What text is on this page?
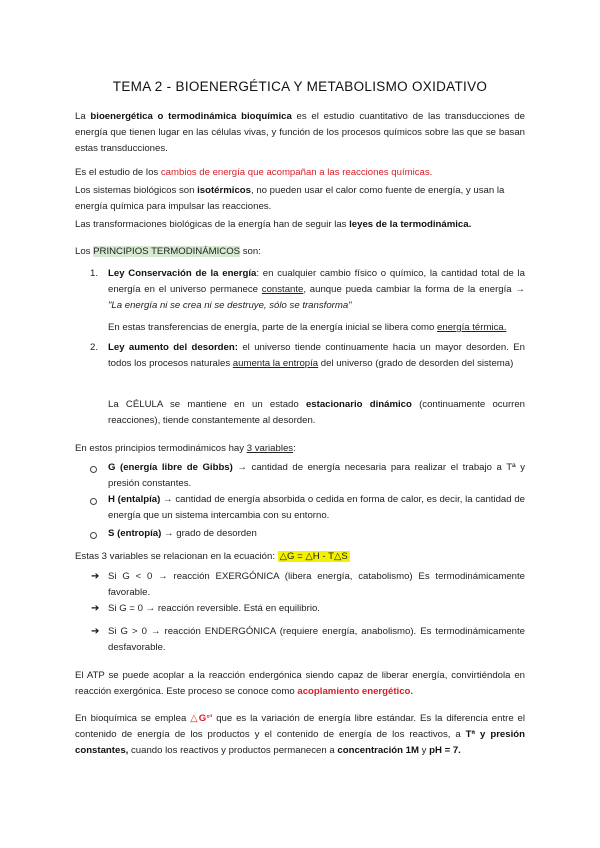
TEMA 2 - BIOENERGÉTICA Y METABOLISMO OXIDATIVO

La bioenergética o termodinámica bioquímica es el estudio cuantitativo de las transducciones de energía que tienen lugar en las células vivas, y función de los procesos químicos sobre las que se basan estas transducciones.

Es el estudio de los cambios de energía que acompañan a las reacciones químicas.

Los sistemas biológicos son isotérmicos, no pueden usar el calor como fuente de energía, y usan la energía química para impulsar las reacciones.

Las transformaciones biológicas de la energía han de seguir las leyes de la termodinámica.

Los PRINCIPIOS TERMODINÁMICOS son:

1. Ley Conservación de la energía: en cualquier cambio físico o químico, la cantidad total de la energía en el universo permanece constante, aunque pueda cambiar la forma de la energía → "La energía ni se crea ni se destruye, sólo se transforma"

En estas transferencias de energía, parte de la energía inicial se libera como energía térmica.

2. Ley aumento del desorden: el universo tiende continuamente hacia un mayor desorden. En todos los procesos naturales aumenta la entropía del universo (grado de desorden del sistema)

La CÉLULA se mantiene en un estado estacionario dinámico (continuamente ocurren reacciones), tiende constantemente al desorden.

En estos principios termodinámicos hay 3 variables:

G (energía libre de Gibbs) → cantidad de energía necesaria para realizar el trabajo a Tª y presión constantes.

H (entalpía) → cantidad de energía absorbida o cedida en forma de calor, es decir, la cantidad de energía que un sistema intercambia con su entorno.

S (entropía) → grado de desorden

Estas 3 variables se relacionan en la ecuación: △G = △H - T△S

➔ Si G < 0 → reacción EXERGÓNICA (libera energía, catabolismo) Es termodinámicamente favorable.

➔ Si G = 0 → reacción reversible. Está en equilibrio.

➔ Si G > 0 → reacción ENDERGÓNICA (requiere energía, anabolismo). Es termodinámicamente desfavorable.

El ATP se puede acoplar a la reacción endergónica siendo capaz de liberar energía, convirtiéndola en reacción exergónica. Este proceso se conoce como acoplamiento energético.

En bioquímica se emplea △G°' que es la variación de energía libre estándar. Es la diferencia entre el contenido de energía de los productos y el contenido de energía de los reactivos, a Tª y presión constantes, cuando los reactivos y productos permanecen a concentración 1M y pH = 7.
